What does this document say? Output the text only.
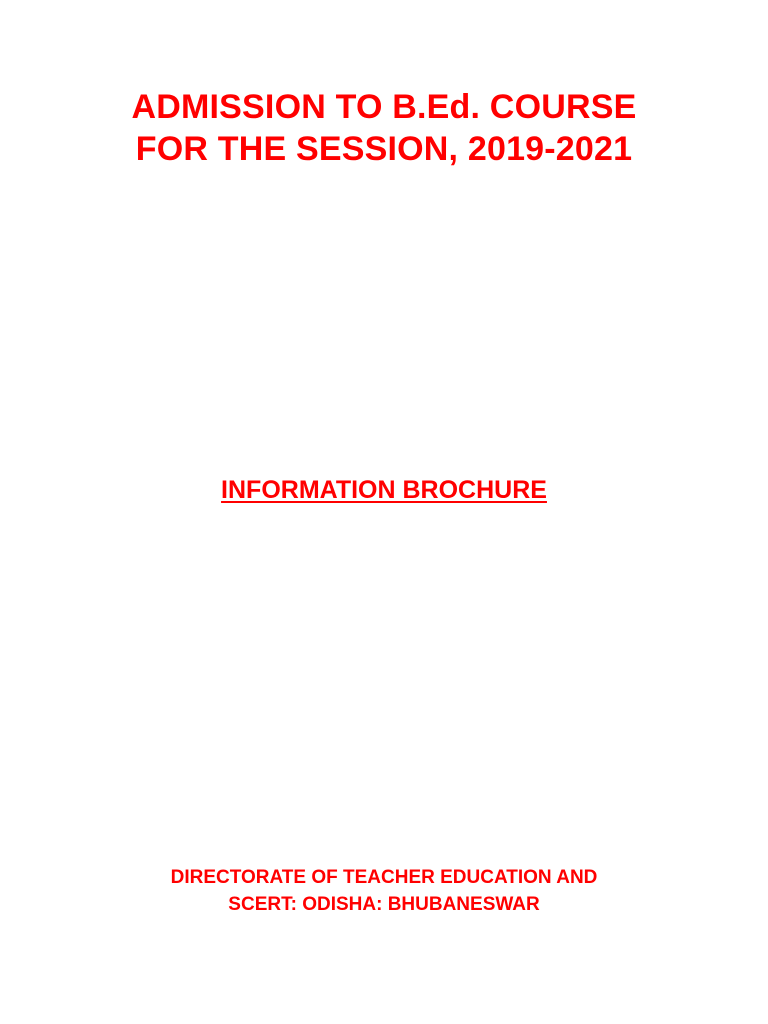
ADMISSION TO B.Ed. COURSE
FOR THE SESSION, 2019-2021
INFORMATION BROCHURE
DIRECTORATE OF TEACHER EDUCATION AND
SCERT: ODISHA: BHUBANESWAR
